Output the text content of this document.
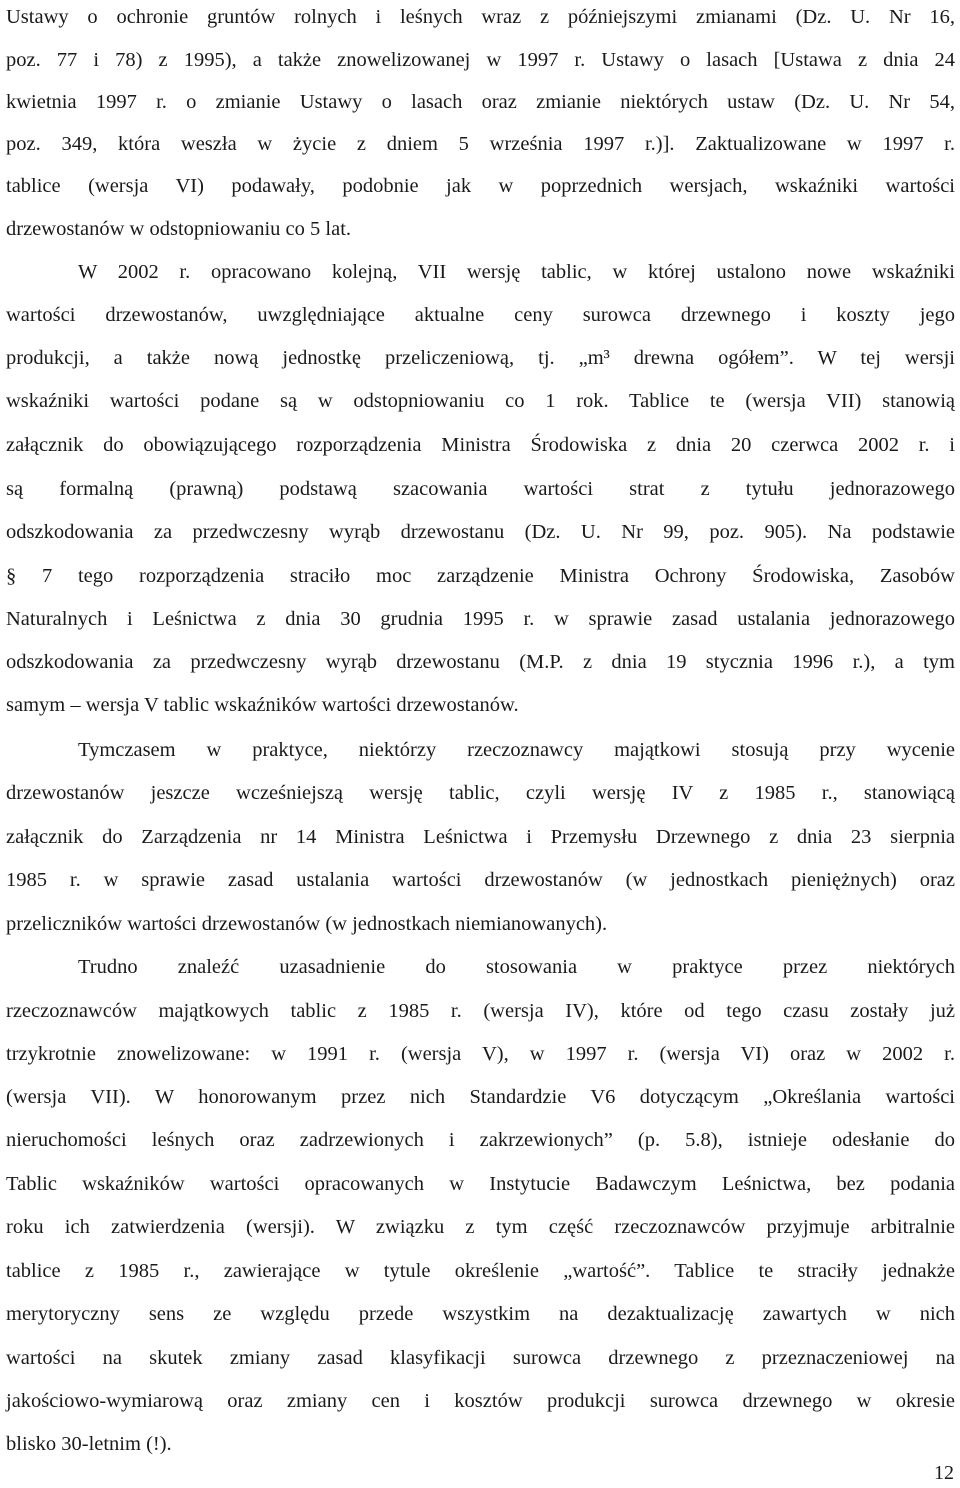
Ustawy o ochronie gruntów rolnych i leśnych wraz z późniejszymi zmianami (Dz. U. Nr 16,
poz. 77 i 78) z 1995), a także znowelizowanej w 1997 r. Ustawy o lasach [Ustawa z dnia 24
kwietnia 1997 r. o zmianie Ustawy o lasach oraz zmianie niektórych ustaw (Dz. U. Nr 54,
poz. 349, która weszła w życie z dniem 5 września 1997 r.)]. Zaktualizowane w 1997 r.
tablice (wersja VI) podawały, podobnie jak w poprzednich wersjach, wskaźniki wartości
drzewostanów w odstopniowaniu co 5 lat.
W 2002 r. opracowano kolejną, VII wersję tablic, w której ustalono nowe wskaźniki
wartości drzewostanów, uwzględniające aktualne ceny surowca drzewnego i koszty jego
produkcji, a także nową jednostkę przeliczeniową, tj. „m³ drewna ogółem”. W tej wersji
wskaźniki wartości podane są w odstopniowaniu co 1 rok. Tablice te (wersja VII) stanowią
załącznik do obowiązującego rozporządzenia Ministra Środowiska z dnia 20 czerwca 2002 r. i
są formalną (prawną) podstawą szacowania wartości strat z tytułu jednorazowego
odszkodowania za przedwczesny wyrąb drzewostanu (Dz. U. Nr 99, poz. 905). Na podstawie
§ 7 tego rozporządzenia straciło moc zarządzenie Ministra Ochrony Środowiska, Zasobów
Naturalnych i Leśnictwa z dnia 30 grudnia 1995 r. w sprawie zasad ustalania jednorazowego
odszkodowania za przedwczesny wyrąb drzewostanu (M.P. z dnia 19 stycznia 1996 r.), a tym
samym – wersja V tablic wskaźników wartości drzewostanów.
Tymczasem w praktyce, niektórzy rzeczoznawcy majątkowi stosują przy wycenie
drzewostanów jeszcze wcześniejszą wersję tablic, czyli wersję IV z 1985 r., stanowiącą
załącznik do Zarządzenia nr 14 Ministra Leśnictwa i Przemysłu Drzewnego z dnia 23 sierpnia
1985 r. w sprawie zasad ustalania wartości drzewostanów (w jednostkach pieniężnych) oraz
przeliczników wartości drzewostanów (w jednostkach niemianowanych).
Trudno znaleźć uzasadnienie do stosowania w praktyce przez niektórych
rzeczoznawców majątkowych tablic z 1985 r. (wersja IV), które od tego czasu zostały już
trzykrotnie znowelizowane: w 1991 r. (wersja V), w 1997 r. (wersja VI) oraz w 2002 r.
(wersja VII). W honorowanym przez nich Standardzie V6 dotyczącym „Określania wartości
nieruchomości leśnych oraz zadrzewionych i zakrzewionych” (p. 5.8), istnieje odesłanie do
Tablic wskaźników wartości opracowanych w Instytucie Badawczym Leśnictwa, bez podania
roku ich zatwierdzenia (wersji). W związku z tym część rzeczoznawców przyjmuje arbitralnie
tablice z 1985 r., zawierające w tytule określenie „wartość”. Tablice te straciły jednakże
merytoryczny sens ze względu przede wszystkim na dezaktualizację zawartych w nich
wartości na skutek zmiany zasad klasyfikacji surowca drzewnego z przeznaczeniowej na
jakościowo-wymiarową oraz zmiany cen i kosztów produkcji surowca drzewnego w okresie
blisko 30-letnim (!).
12
